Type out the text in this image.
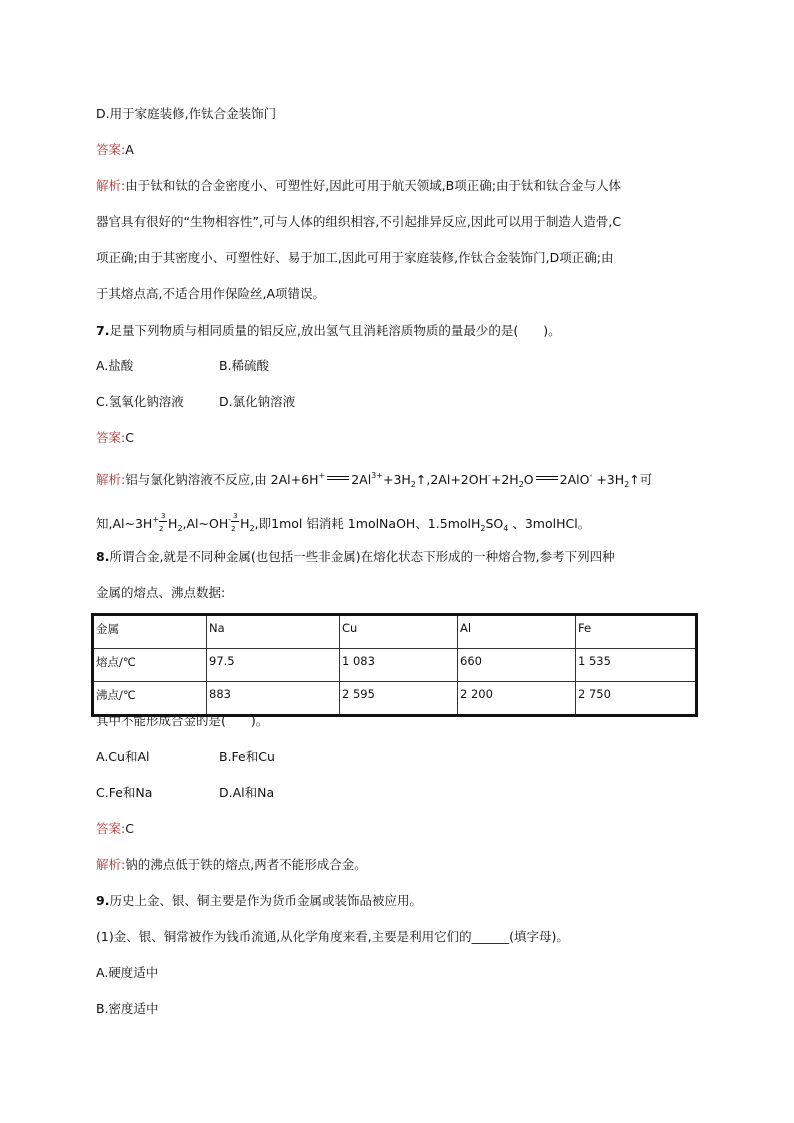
D.用于家庭装修,作钛合金装饰门
答案:A
解析:由于钛和钛的合金密度小、可塑性好,因此可用于航天领域,B项正确;由于钛和钛合金与人体
器官具有很好的“生物相容性”,可与人体的组织相容,不引起排异反应,因此可以用于制造人造骨,C
项正确;由于其密度小、可塑性好、易于加工,因此可用于家庭装修,作钛合金装饰门,D项正确;由
于其熔点高,不适合用作保险丝,A项错误。
7.足量下列物质与相同质量的铝反应,放出氢气且消耗溶质物质的量最少的是(　　)。
A.盐酸	B.稀硫酸
C.氢氧化钠溶液	D.氯化钠溶液
答案:C
解析:铝与氯化钠溶液不反应,由 2Al+6H+ $2Al^{3+}+3H_2↑,2Al+2OH^-+2H_2O$ $2AlO^- +3H_2↑$可
知,Al~3H+ $\frac{3}{2}$ $H_2,Al\sim OH^- \frac{3}{2} H_2$,即1mol 铝消耗 1molNaOH、$1.5molH_2SO_4$ 、3molHCl。
8.所谓合金,就是不同种金属(也包括一些非金属)在熔化状态下形成的一种熔合物,参考下列四种
金属的熔点、沸点数据:
金属	Na	Cu	Al	Fe
熔点/℃	97.5	1 083	660	1 535
沸点/℃	883	2 595	2 200	2 750
其中不能形成合金的是(　　)。
A.Cu和Al	B.Fe和Cu
C.Fe和Na	D.Al和Na
答案:C
解析:钠的沸点低于铁的熔点,两者不能形成合金。
9.历史上金、银、铜主要是作为货币金属或装饰品被应用。
(1)金、银、铜常被作为钱币流通,从化学角度来看,主要是利用它们的______(填字母)。
A.硬度适中
B.密度适中
